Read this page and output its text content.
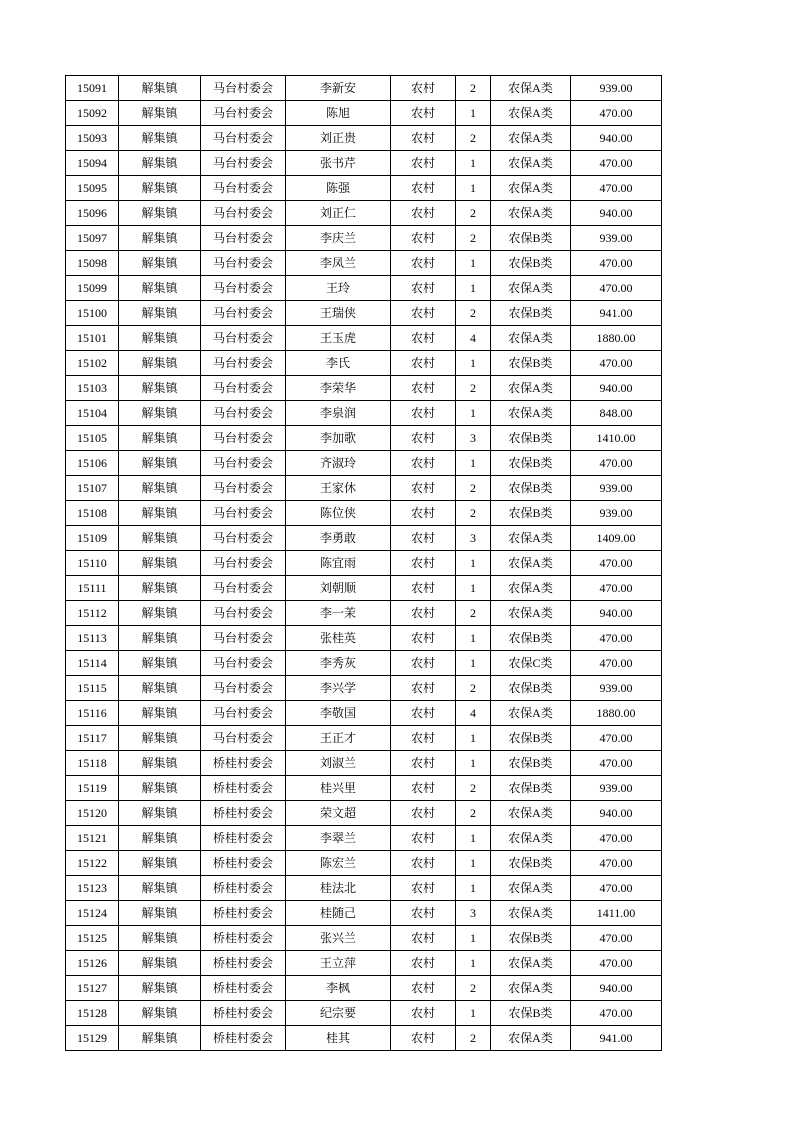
15091	解集镇	马台村委会	李新安	农村	2	农保A类	939.00
15092	解集镇	马台村委会	陈旭	农村	1	农保A类	470.00
15093	解集镇	马台村委会	刘正贵	农村	2	农保A类	940.00
15094	解集镇	马台村委会	张书芹	农村	1	农保A类	470.00
15095	解集镇	马台村委会	陈强	农村	1	农保A类	470.00
15096	解集镇	马台村委会	刘正仁	农村	2	农保A类	940.00
15097	解集镇	马台村委会	李庆兰	农村	2	农保B类	939.00
15098	解集镇	马台村委会	李凤兰	农村	1	农保B类	470.00
15099	解集镇	马台村委会	王玲	农村	1	农保A类	470.00
15100	解集镇	马台村委会	王瑞侠	农村	2	农保B类	941.00
15101	解集镇	马台村委会	王玉虎	农村	4	农保A类	1880.00
15102	解集镇	马台村委会	李氏	农村	1	农保B类	470.00
15103	解集镇	马台村委会	李荣华	农村	2	农保A类	940.00
15104	解集镇	马台村委会	李泉润	农村	1	农保A类	848.00
15105	解集镇	马台村委会	李加歌	农村	3	农保B类	1410.00
15106	解集镇	马台村委会	齐淑玲	农村	1	农保B类	470.00
15107	解集镇	马台村委会	王家休	农村	2	农保B类	939.00
15108	解集镇	马台村委会	陈位侠	农村	2	农保B类	939.00
15109	解集镇	马台村委会	李勇敢	农村	3	农保A类	1409.00
15110	解集镇	马台村委会	陈宜雨	农村	1	农保A类	470.00
15111	解集镇	马台村委会	刘朝顺	农村	1	农保A类	470.00
15112	解集镇	马台村委会	李一茉	农村	2	农保A类	940.00
15113	解集镇	马台村委会	张桂英	农村	1	农保B类	470.00
15114	解集镇	马台村委会	李秀灰	农村	1	农保C类	470.00
15115	解集镇	马台村委会	李兴学	农村	2	农保B类	939.00
15116	解集镇	马台村委会	李敬国	农村	4	农保A类	1880.00
15117	解集镇	马台村委会	王正才	农村	1	农保B类	470.00
15118	解集镇	桥桂村委会	刘淑兰	农村	1	农保B类	470.00
15119	解集镇	桥桂村委会	桂兴里	农村	2	农保B类	939.00
15120	解集镇	桥桂村委会	荣文超	农村	2	农保A类	940.00
15121	解集镇	桥桂村委会	李翠兰	农村	1	农保A类	470.00
15122	解集镇	桥桂村委会	陈宏兰	农村	1	农保B类	470.00
15123	解集镇	桥桂村委会	桂法北	农村	1	农保A类	470.00
15124	解集镇	桥桂村委会	桂随己	农村	3	农保A类	1411.00
15125	解集镇	桥桂村委会	张兴兰	农村	1	农保B类	470.00
15126	解集镇	桥桂村委会	王立萍	农村	1	农保A类	470.00
15127	解集镇	桥桂村委会	李枫	农村	2	农保A类	940.00
15128	解集镇	桥桂村委会	纪宗要	农村	1	农保B类	470.00
15129	解集镇	桥桂村委会	桂其	农村	2	农保A类	941.00
